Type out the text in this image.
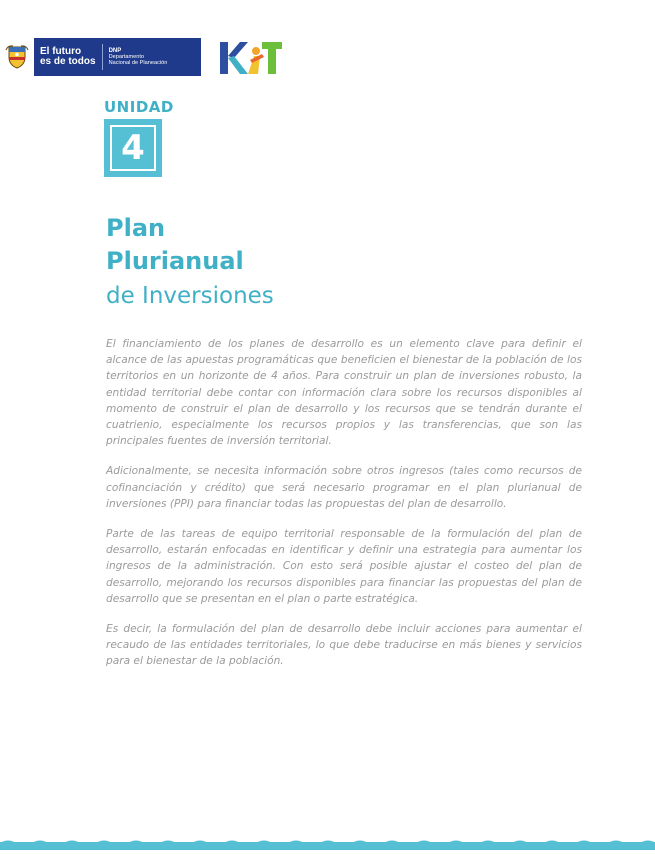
El futuro
es de todos
DNP
Departamento
Nacional de Planeación
UNIDAD
4
Plan
Plurianual
de Inversiones

El financiamiento de los planes de desarrollo es un elemento clave para definir el alcance de las apuestas programáticas que beneficien el bienestar de la población de los territorios en un horizonte de 4 años. Para construir un plan de inversiones robusto, la entidad territorial debe contar con información clara sobre los recursos disponibles al momento de construir el plan de desarrollo y los recursos que se tendrán durante el cuatrienio, especialmente los recursos propios y las transferencias, que son las principales fuentes de inversión territorial.

Adicionalmente, se necesita información sobre otros ingresos (tales como recursos de cofinanciación y crédito) que será necesario programar en el plan plurianual de inversiones (PPI) para financiar todas las propuestas del plan de desarrollo.

Parte de las tareas de equipo territorial responsable de la formulación del plan de desarrollo, estarán enfocadas en identificar y definir una estrategia para aumentar los ingresos de la administración. Con esto será posible ajustar el costeo del plan de desarrollo, mejorando los recursos disponibles para financiar las propuestas del plan de desarrollo que se presentan en el plan o parte estratégica.

Es decir, la formulación del plan de desarrollo debe incluir acciones para aumentar el recaudo de las entidades territoriales, lo que debe traducirse en más bienes y servicios para el bienestar de la población.
